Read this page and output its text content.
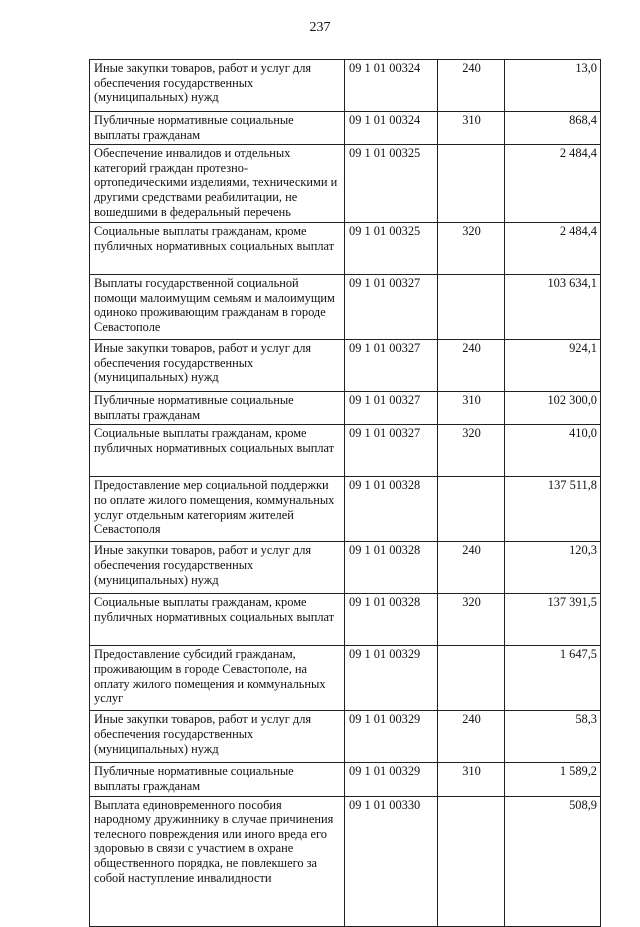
237
Иные закупки товаров, работ и услуг для обеспечения государственных (муниципальных) нужд	09 1 01 00324	240	13,0
Публичные нормативные социальные выплаты гражданам	09 1 01 00324	310	868,4
Обеспечение инвалидов и отдельных категорий граждан протезно-ортопедическими изделиями, техническими и другими средствами реабилитации, не вошедшими в федеральный перечень	09 1 01 00325		2 484,4
Социальные выплаты гражданам, кроме публичных нормативных социальных выплат	09 1 01 00325	320	2 484,4
Выплаты государственной социальной помощи малоимущим семьям и малоимущим одиноко проживающим гражданам в городе Севастополе	09 1 01 00327		103 634,1
Иные закупки товаров, работ и услуг для обеспечения государственных (муниципальных) нужд	09 1 01 00327	240	924,1
Публичные нормативные социальные выплаты гражданам	09 1 01 00327	310	102 300,0
Социальные выплаты гражданам, кроме публичных нормативных социальных выплат	09 1 01 00327	320	410,0
Предоставление мер социальной поддержки по оплате жилого помещения, коммунальных услуг отдельным категориям жителей Севастополя	09 1 01 00328		137 511,8
Иные закупки товаров, работ и услуг для обеспечения государственных (муниципальных) нужд	09 1 01 00328	240	120,3
Социальные выплаты гражданам, кроме публичных нормативных социальных выплат	09 1 01 00328	320	137 391,5
Предоставление субсидий гражданам, проживающим в городе Севастополе, на оплату жилого помещения и коммунальных услуг	09 1 01 00329		1 647,5
Иные закупки товаров, работ и услуг для обеспечения государственных (муниципальных) нужд	09 1 01 00329	240	58,3
Публичные нормативные социальные выплаты гражданам	09 1 01 00329	310	1 589,2
Выплата единовременного пособия народному дружиннику в случае причинения телесного повреждения или иного вреда его здоровью в связи с участием в охране общественного порядка, не повлекшего за собой наступление инвалидности	09 1 01 00330		508,9
